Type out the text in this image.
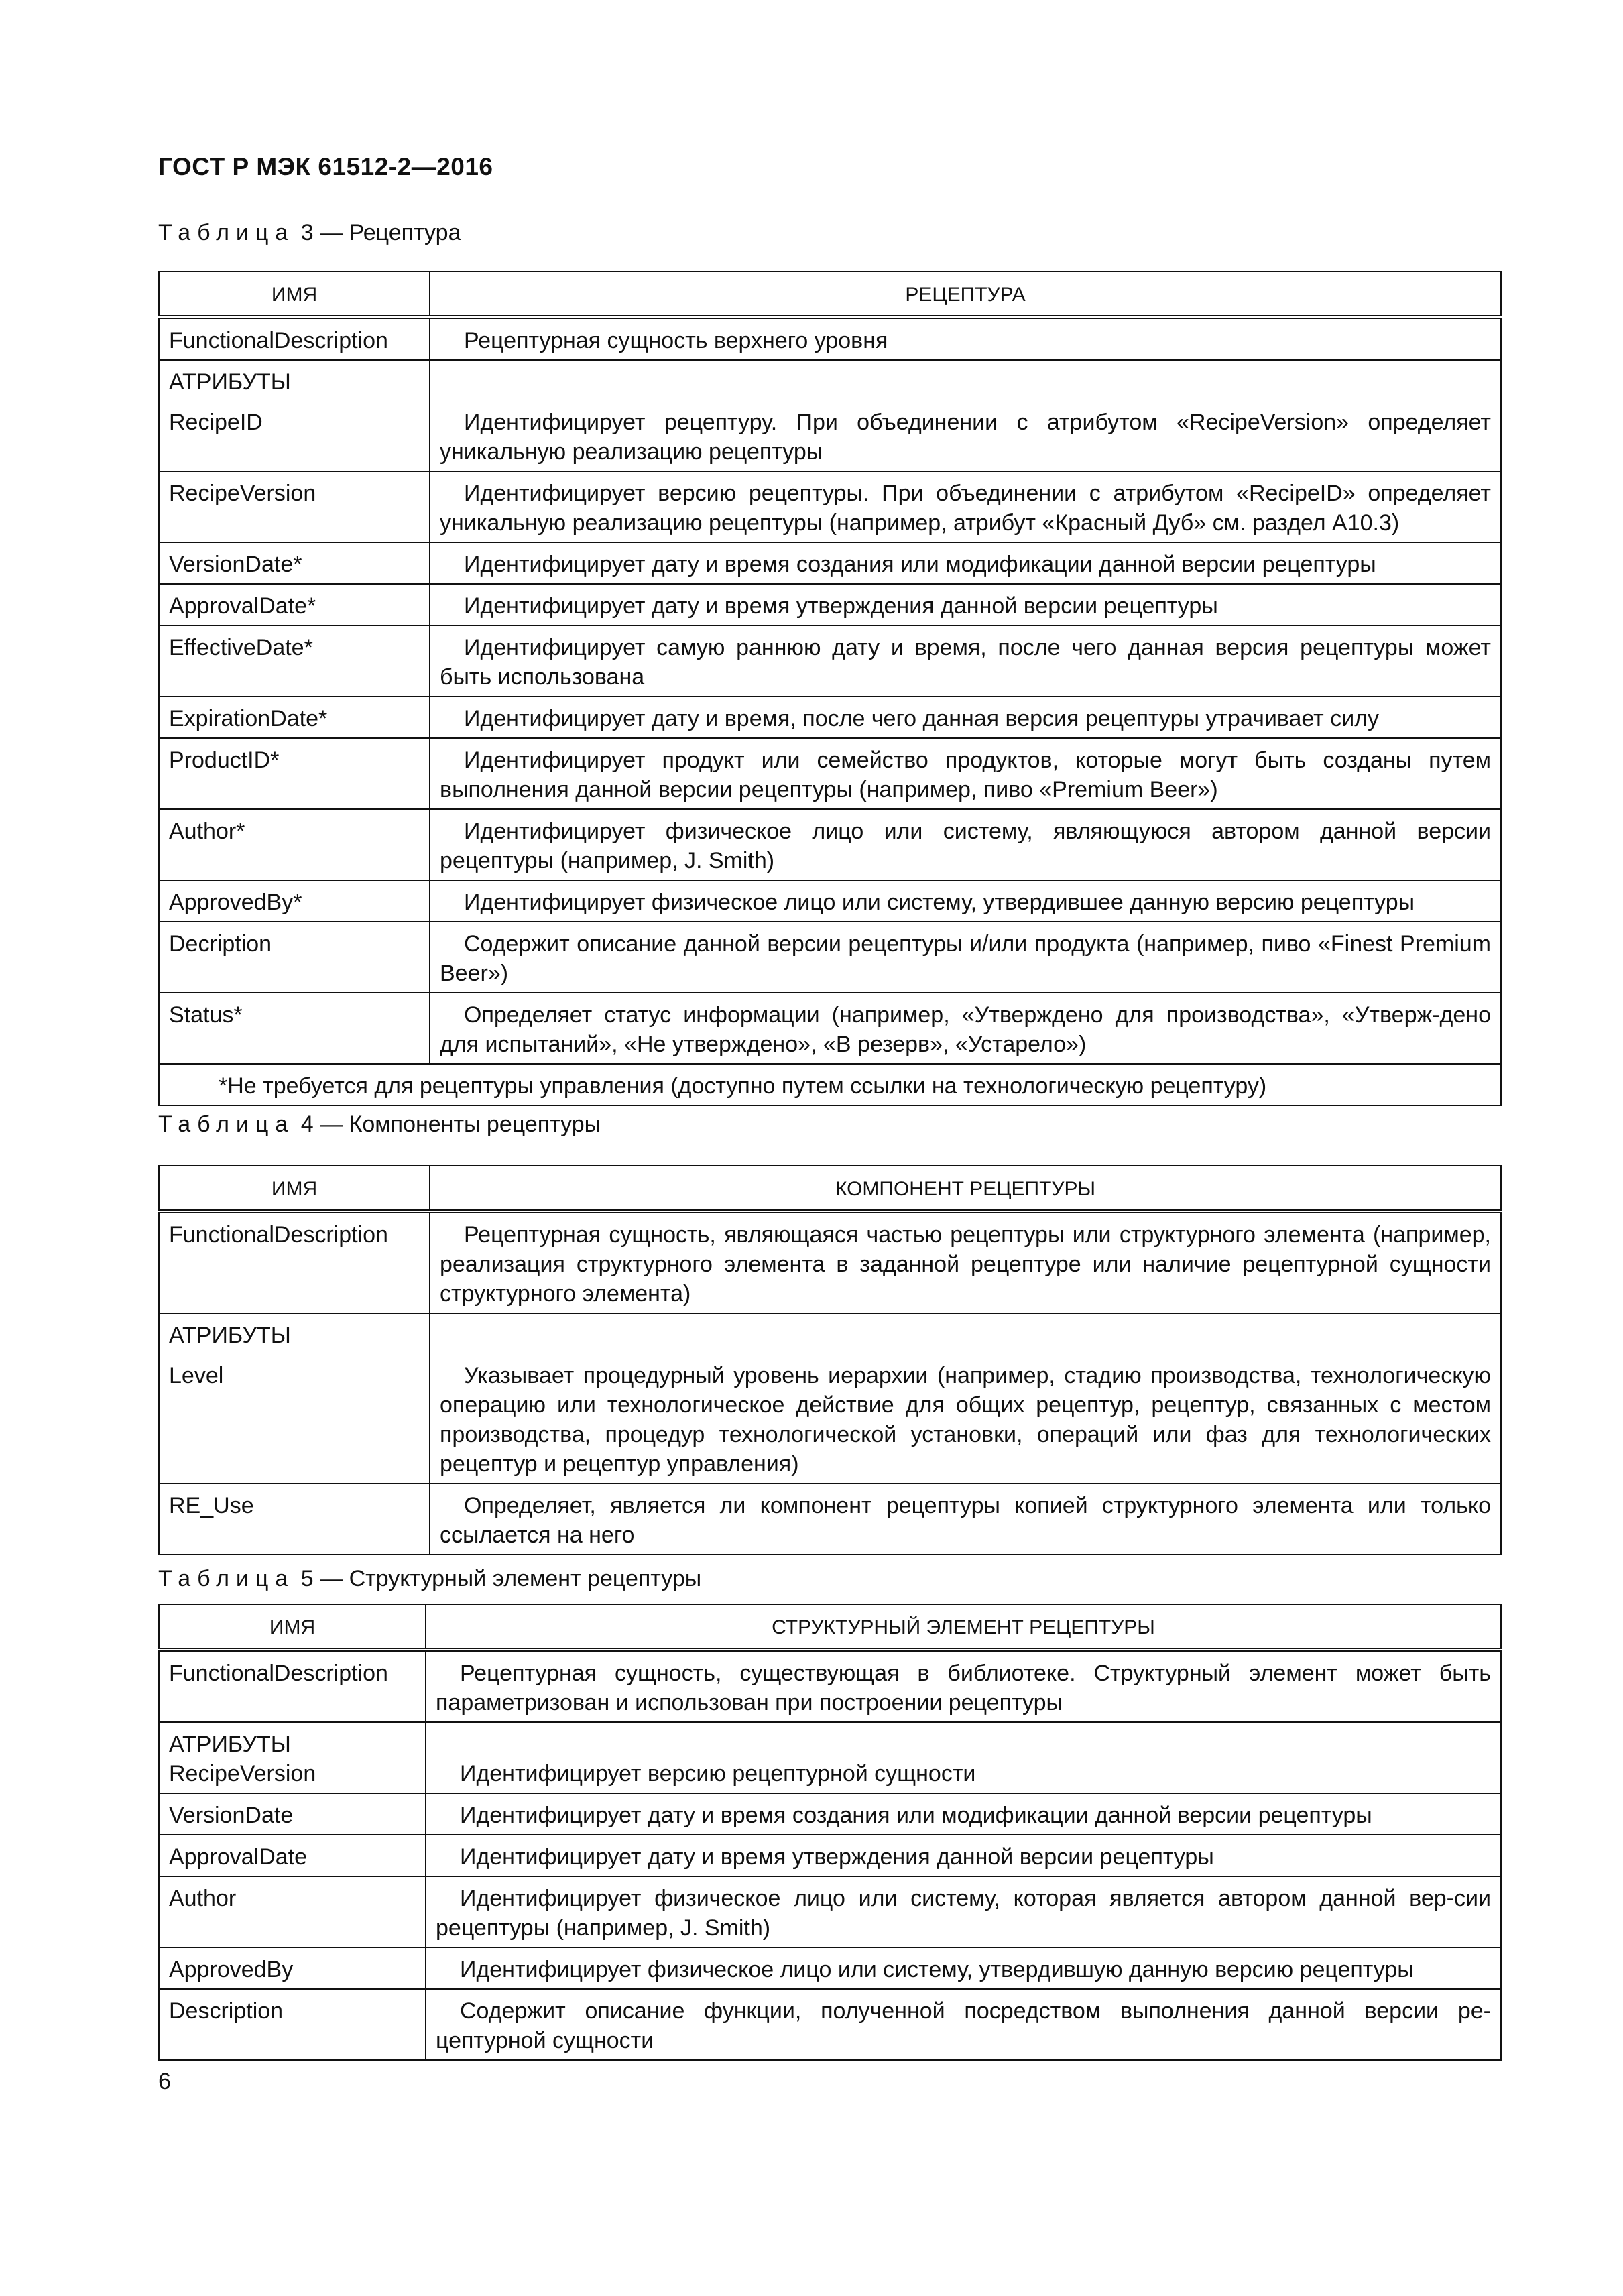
ГОСТ Р МЭК 61512-2—2016
Таблица 3 — Рецептура
ИМЯ	РЕЦЕПТУРА
FunctionalDescription	Рецептурная сущность верхнего уровня

АТРИБУТЫ
RecipeID	Идентифицирует рецептуру. При объединении с атрибутом «RecipeVersion» определяет уникальную реализацию рецептуры
RecipeVersion	Идентифицирует версию рецептуры. При объединении с атрибутом «RecipeID» определяет уникальную реализацию рецептуры (например, атрибут «Красный Дуб» см. раздел А10.3)
VersionDate*	Идентифицирует дату и время создания или модификации данной версии рецептуры
ApprovalDate*	Идентифицирует дату и время утверждения данной версии рецептуры
EffectiveDate*	Идентифицирует самую раннюю дату и время, после чего данная версия рецептуры может быть использована
ExpirationDate*	Идентифицирует дату и время, после чего данная версия рецептуры утрачивает силу
ProductID*	Идентифицирует продукт или семейство продуктов, которые могут быть созданы путем выполнения данной версии рецептуры (например, пиво «Premium Beer»)
Author*	Идентифицирует физическое лицо или систему, являющуюся автором данной версии рецептуры (например, J. Smith)
ApprovedBy*	Идентифицирует физическое лицо или систему, утвердившее данную версию рецептуры
Decription	Содержит описание данной версии рецептуры и/или продукта (например, пиво «Finest Premium Beer»)
Status*	Определяет статус информации (например, «Утверждено для производства», «Утверж-дено для испытаний», «Не утверждено», «В резерв», «Устарело»)
*Не требуется для рецептуры управления (доступно путем ссылки на технологическую рецептуру)	
Таблица 4 — Компоненты рецептуры
ИМЯ	КОМПОНЕНТ РЕЦЕПТУРЫ
FunctionalDescription	Рецептурная сущность, являющаяся частью рецептуры или структурного элемента (например, реализация структурного элемента в заданной рецептуре или наличие рецептурной сущности структурного элемента)

АТРИБУТЫ
Level	Указывает процедурный уровень иерархии (например, стадию производства, технологическую операцию или технологическое действие для общих рецептур, рецептур, связанных с местом производства, процедур технологической установки, операций или фаз для технологических рецептур и рецептур управления)
RE_Use	Определяет, является ли компонент рецептуры копией структурного элемента или только ссылается на него
Таблица 5 — Структурный элемент рецептуры
ИМЯ	СТРУКТУРНЫЙ ЭЛЕМЕНТ РЕЦЕПТУРЫ
FunctionalDescription	Рецептурная сущность, существующая в библиотеке. Структурный элемент может быть параметризован и использован при построении рецептуры

АТРИБУТЫ
RecipeVersion	Идентифицирует версию рецептурной сущности
VersionDate	Идентифицирует дату и время создания или модификации данной версии рецептуры
ApprovalDate	Идентифицирует дату и время утверждения данной версии рецептуры
Author	Идентифицирует физическое лицо или систему, которая является автором данной вер-сии рецептуры (например, J. Smith)
ApprovedBy	Идентифицирует физическое лицо или систему, утвердившую данную версию рецептуры
Description	Содержит описание функции, полученной посредством выполнения данной версии ре-цептурной сущности
6
